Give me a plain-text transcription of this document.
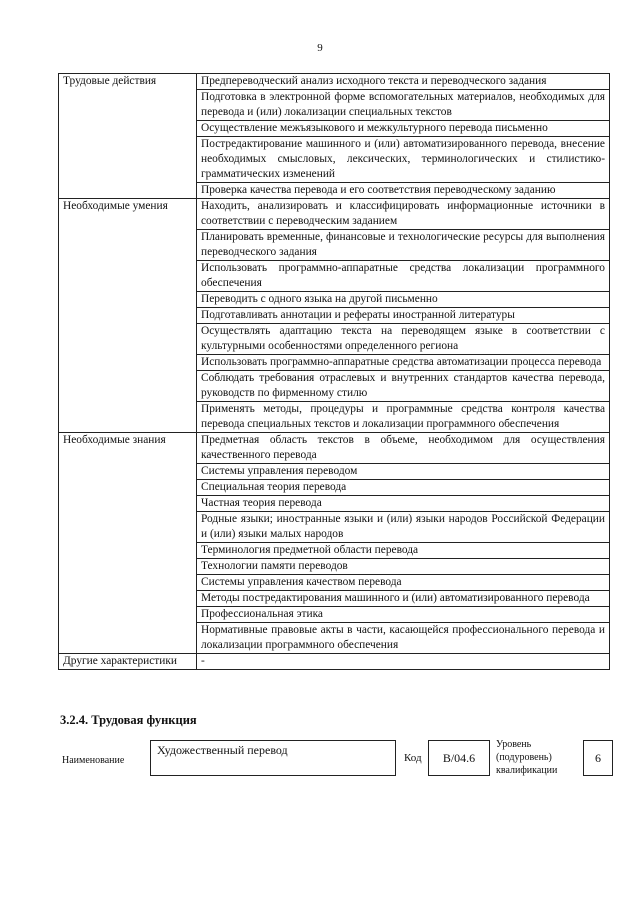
9
Трудовые действия	Предпереводческий анализ исходного текста и переводческого задания
	Подготовка в электронной форме вспомогательных материалов, необходимых для перевода и (или) локализации специальных текстов
	Осуществление межъязыкового и межкультурного перевода письменно
	Постредактирование машинного и (или) автоматизированного перевода, внесение необходимых смысловых, лексических, терминологических и стилистико-грамматических изменений
	Проверка качества перевода и его соответствия переводческому заданию
Необходимые умения	Находить, анализировать и классифицировать информационные источники в соответствии с переводческим заданием
	Планировать временные, финансовые и технологические ресурсы для выполнения переводческого задания
	Использовать программно-аппаратные средства локализации программного обеспечения
	Переводить с одного языка на другой письменно
	Подготавливать аннотации и рефераты иностранной литературы
	Осуществлять адаптацию текста на переводящем языке в соответствии с культурными особенностями определенного региона
	Использовать программно-аппаратные средства автоматизации процесса перевода
	Соблюдать требования отраслевых и внутренних стандартов качества перевода, руководств по фирменному стилю
	Применять методы, процедуры и программные средства контроля качества перевода специальных текстов и локализации программного обеспечения
Необходимые знания	Предметная область текстов в объеме, необходимом для осуществления качественного перевода
	Системы управления переводом
	Специальная теория перевода
	Частная теория перевода
	Родные языки; иностранные языки и (или) языки народов Российской Федерации и (или) языки малых народов
	Терминология предметной области перевода
	Технологии памяти переводов
	Системы управления качеством перевода
	Методы постредактирования машинного и (или) автоматизированного перевода
	Профессиональная этика
	Нормативные правовые акты в части, касающейся профессионального перевода и локализации программного обеспечения
Другие характеристики	-
3.2.4. Трудовая функция
Наименование
Художественный перевод
Код	В/04.6
Уровень (подуровень) квалификации
6
